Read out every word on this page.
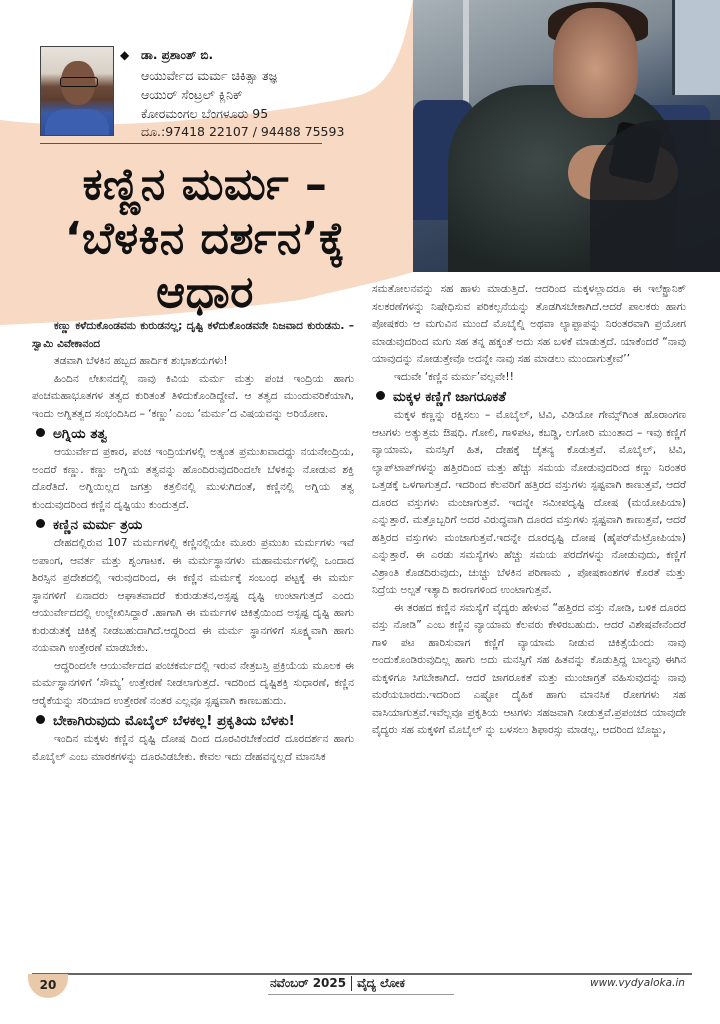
◆ ಡಾ. ಪ್ರಶಾಂತ್ ಬಿ.
ಆಯುರ್ವೇದ ಮರ್ಮ ಚಿಕಿತ್ಸಾ ತಜ್ಞ
ಆಯುರ್ ಸೆಂಟ್ರಲ್ ಕ್ಲಿನಿಕ್
ಕೋರಮಂಗಲ ಬೆಂಗಳೂರು 95
ದೂ.:97418 22107 / 94488 75593
ಕಣ್ಣಿನ ಮರ್ಮ –
‘ಬೆಳಕಿನ ದರ್ಶನ’ಕ್ಕೆ
ಆಧಾರ

ಕಣ್ಣು ಕಳೆದುಕೊಂಡವನು ಕುರುಡನಲ್ಲ; ದೃಷ್ಟಿ ಕಳೆದುಕೊಂಡವನೇ ನಿಜವಾದ ಕುರುಡನು. – ಸ್ವಾಮಿ ವಿವೇಕಾನಂದ

ತಡವಾಗಿ ಬೆಳಕಿನ ಹಬ್ಬದ ಹಾರ್ದಿಕ ಶುಭಾಶಯಗಳು!

ಹಿಂದಿನ ಲೇಖನದಲ್ಲಿ ನಾವು ಕಿವಿಯ ಮರ್ಮ ಮತ್ತು ಪಂಚ ಇಂದ್ರಿಯ ಹಾಗು ಪಂಚಮಹಾಭೂತಗಳ ತತ್ವದ ಕುರಿತಂತೆ ತಿಳಿದುಕೊಂಡಿದ್ದೇವೆ. ಆ ತತ್ವದ ಮುಂದುವರಿಕೆಯಾಗಿ, ಇಂದು ಅಗ್ನಿತತ್ವದ ಸಂಭಂದಿಸಿದ – ‘ಕಣ್ಣು’ ಎಂಬ ‘ಮರ್ಮ’ದ ವಿಷಯವನ್ನು ಅರಿಯೋಣ.

ಅಗ್ನಿಯ ತತ್ವ

ಆಯುರ್ವೇದ ಪ್ರಕಾರ, ಪಂಚ ಇಂದ್ರಿಯಗಳಲ್ಲಿ ಅತ್ಯಂತ ಪ್ರಮುಖವಾದದ್ದು ನಯನೇಂದ್ರಿಯ, ಅಂದರೆ ಕಣ್ಣು. ಕಣ್ಣು ಅಗ್ನಿಯ ತತ್ವವನ್ನು ಹೊಂದಿರುವುದರಿಂದಲೇ ಬೆಳಕನ್ನು ನೋಡುವ ಶಕ್ತಿ ದೊರೆತಿದೆ. ಅಗ್ನಿಯಿಲ್ಲದ ಜಗತ್ತು ಕತ್ತಲಿನಲ್ಲಿ ಮುಳುಗಿದಂತೆ, ಕಣ್ಣಿನಲ್ಲಿ ಅಗ್ನಿಯ ತತ್ವ ಕುಂದುವುದರಿಂದ ಕಣ್ಣಿನ ದೃಷ್ಟಿಯು ಕುಂದುತ್ತದೆ.

ಕಣ್ಣಿನ ಮರ್ಮ ತ್ರಯ

ದೇಹದಲ್ಲಿರುವ 107 ಮರ್ಮಗಳಲ್ಲಿ ಕಣ್ಣಿನಲ್ಲಿಯೇ ಮೂರು ಪ್ರಮುಖ ಮರ್ಮಗಳು ಇವೆ ಅಪಾಂಗ, ಆವರ್ತ ಮತ್ತು ಶೃಂಗಾಟಕ. ಈ ಮರ್ಮಸ್ಥಾನಗಳು ಮಹಾಮರ್ಮಗಳಲ್ಲಿ ಒಂದಾದ ಶಿರಸ್ಸಿನ ಪ್ರದೇಶದಲ್ಲಿ ಇರುವುದರಿಂದ, ಈ ಕಣ್ಣಿನ ಮರ್ಮಕ್ಕೆ ಸಂಬಂಧ ಪಟ್ಟಕ್ಕೆ ಈ ಮರ್ಮ ಸ್ಥಾನಗಳಿಗೆ ಏನಾದರು ಆಘಾತವಾದರೆ ಕುರುಡುತನ,ಅಸ್ಪಷ್ಟ ದೃಷ್ಟಿ ಉಂಟಾಗುತ್ತದೆ ಎಂದು ಆಯುರ್ವೇದದಲ್ಲಿ ಉಲ್ಲೇಖಿಸಿದ್ದಾರೆ .ಹಾಗಾಗಿ ಈ ಮರ್ಮಗಳ ಚಿಕಿತ್ಸೆಯಿಂದ ಅಸ್ಪಷ್ಟ ದೃಷ್ಟಿ ಹಾಗು ಕುರುಡುತಕ್ಕೆ ಚಿಕಿತ್ಸೆ ನೀಡಬಹುದಾಗಿದೆ.ಆದ್ದರಿಂದ ಈ ಮರ್ಮ ಸ್ಥಾನಗಳಿಗೆ ಸೂಕ್ಷ್ಮವಾಗಿ ಹಾಗು ನಯವಾಗಿ ಉತ್ತೇರಣೆ ಮಾಡಬೇಕು.

ಆದ್ದರಿಂದಲೇ ಆಯುರ್ವೇದದ ಪಂಚಕರ್ಮದಲ್ಲಿ ಇರುವ ನೇತ್ರಬಸ್ತಿ ಪ್ರಕ್ರಿಯೆಯ ಮೂಲಕ ಈ ಮರ್ಮಸ್ಥಾನಗಳಿಗೆ ‘ಸೌಮ್ಯ’ ಉತ್ತೇರಣೆ ನೀಡಲಾಗುತ್ತದೆ. ಇದರಿಂದ ದೃಷ್ಟಿಶಕ್ತಿ ಸುಧಾರಣೆ, ಕಣ್ಣಿನ ಆರೈಕೆಯನ್ನು ಸರಿಯಾದ ಉತ್ತೇರಣೆ ನಂತರ ಎಲ್ಲವೂ ಸ್ಪಷ್ಟವಾಗಿ ಕಾಣಬಹುದು.

ಬೇಕಾಗಿರುವುದು ಮೊಬೈಲ್ ಬೆಳಕಲ್ಲ! ಪ್ರಕೃತಿಯ ಬೆಳಕು!

ಇಂದಿನ ಮಕ್ಕಳು ಕಣ್ಣಿನ ದೃಷ್ಟಿ ದೋಷ ದಿಂದ ದೂರವಿರಬೇಕೆಂದರೆ ದೂರದರ್ಶನ ಹಾಗು ಮೊಬೈಲ್ ಎಂಬ ಮಾರಕಗಳನ್ನು ದೂರವಿಡಬೇಕು. ಕೇವಲ ಇದು ದೇಹವನ್ನಲ್ಲದೆ ಮಾನಸಿಕ

ಸಮತೋಲನವನ್ನು ಸಹ ಹಾಳು ಮಾಡುತ್ತಿದೆ. ಆದರಿಂದ ಮಕ್ಕಳಲ್ಲಾದರೂ ಈ ಇಲೆಕ್ಟ್ರಾನಿಕ್ ಸಲಕರಣೆಗಳನ್ನು ನಿಷೇಧಿಸುವ ಪರಿಕಲ್ಪನೆಯನ್ನು ತೊಡಗಿಸಬೇಕಾಗಿದೆ.ಆದರೆ ಪಾಲಕರು ಹಾಗು ಪೋಷಕರು ಆ ಮಗುವಿನ ಮುಂದೆ ಮೊಬೈಲ್ನಿ ಅಥವಾ ಲ್ಯಾಪ್ಟಾಪನ್ನು ನಿರಂತರವಾಗಿ ಪ್ರಯೋಗ ಮಾಡುವುದರಿಂದ ಮಗು ಸಹ ತನ್ನ ಹಕ್ಕಂತೆ ಅದು ಸಹ ಬಳಕೆ ಮಾಡುತ್ತದೆ. ಯಾಕೆಂದರೆ “ನಾವು ಯಾವುದನ್ನು ನೋಡುತ್ತೇವೊ ಅದನ್ನೇ ನಾವು ಸಹ ಮಾಡಲು ಮುಂದಾಗುತ್ತೇವೆ’’

ಇದುವೇ ‘ಕಣ್ಣಿನ ಮರ್ಮ’ವಲ್ಲವೇ!!

ಮಕ್ಕಳ ಕಣ್ಣಿಗೆ ಜಾಗರೂಕತೆ

ಮಕ್ಕಳ ಕಣ್ಣನ್ನು ರಕ್ಷಿಸಲು – ಮೊಬೈಲ್, ಟಿವಿ, ವಿಡಿಯೋ ಗೇಮ್ಸ್‌ಗಿಂತ ಹೊರಾಂಗಣ ಆಟಗಳು ಅತ್ಯುತ್ತಮ ಔಷಧಿ. ಗೋಲಿ, ಗಾಳಿಪಟ, ಕಬಡ್ಡಿ, ಲಗೋರಿ ಮುಂತಾದ – ಇವು ಕಣ್ಣಿಗೆ ವ್ಯಾಯಾಮ, ಮನಸ್ಸಿಗೆ ಹಿತ, ದೇಹಕ್ಕೆ ಚೈತನ್ಯ ಕೊಡುತ್ತವೆ. ಮೊಬೈಲ್, ಟಿವಿ, ಲ್ಯಾಪ್‌ಟಾಪ್‌ಗಳನ್ನು ಹತ್ತಿರದಿಂದ ಮತ್ತು ಹೆಚ್ಚು ಸಮಯ ನೋಡುವುದರಿಂದ ಕಣ್ಣು ನಿರಂತರ ಒತ್ತಡಕ್ಕೆ ಒಳಗಾಗುತ್ತದೆ. ಇದರಿಂದ ಕೆಲವರಿಗೆ ಹತ್ತಿರದ ವಸ್ತುಗಳು ಸ್ಪಷ್ಟವಾಗಿ ಕಾಣುತ್ತವೆ, ಆದರೆ ದೂರದ ವಸ್ತುಗಳು ಮಂಜಾಗುತ್ತವೆ. ಇದನ್ನೇ ಸಮೀಪದೃಷ್ಟಿ ದೋಷ (ಮಯೋಪಿಯಾ) ಎನ್ನುತ್ತಾರೆ. ಮತ್ತೊಬ್ಬರಿಗೆ ಅದರ ವಿರುದ್ಧವಾಗಿ ದೂರದ ವಸ್ತುಗಳು ಸ್ಪಷ್ಟವಾಗಿ ಕಾಣುತ್ತವೆ, ಆದರೆ ಹತ್ತಿರದ ವಸ್ತುಗಳು ಮಂಜಾಗುತ್ತವೆ.ಇದನ್ನೇ ದೂರದೃಷ್ಟಿ ದೋಷ (ಹೈಪರ್‌ಮೆಟ್ರೋಪಿಯಾ) ಎನ್ನುತ್ತಾರೆ. ಈ ಎರಡು ಸಮಸ್ಯೆಗಳು ಹೆಚ್ಚು ಸಮಯ ಪರದೆಗಳನ್ನು ನೋಡುವುದು, ಕಣ್ಣಿಗೆ ವಿಶ್ರಾಂತಿ ಕೊಡದಿರುವುದು, ಚುಚ್ಚು ಬೆಳಕಿನ ಪರಿಣಾಮ , ಪೋಷಕಾಂಶಗಳ ಕೊರತೆ ಮತ್ತು ನಿದ್ರೆಯ ಅಲ್ಪತೆ ಇತ್ಯಾದಿ ಕಾರಣಗಳಿಂದ ಉಂಟಾಗುತ್ತವೆ.

ಈ ತರಹದ ಕಣ್ಣಿನ ಸಮಸ್ಯೆಗೆ ವೈದ್ಯರು ಹೇಳುವ “ಹತ್ತಿರದ ವಸ್ತು ನೋಡಿ, ಬಳಿಕ ದೂರದ ವಸ್ತು ನೋಡಿ” ಎಂಬ ಕಣ್ಣಿನ ವ್ಯಾಯಾಮ ಕೆಲವರು ಕೇಳಿರಬಹುದು. ಆದರೆ ವಿಶೇಷವೇನೆಂದರೆ ಗಾಳಿ ಪಟ ಹಾರಿಸುವಾಗ ಕಣ್ಣಿಗೆ ವ್ಯಾಯಾಮ ನೀಡುವ ಚಿಕಿತ್ಸೆಯೆಂದು ನಾವು ಅಂದುಕೊಂಡಿರುವುದಿಲ್ಲ ಹಾಗು ಅದು ಮನಸ್ಸಿಗೆ ಸಹ ಹಿತವನ್ನು ಕೊಡುತ್ತಿದ್ದ ಬಾಲ್ಯವು ಈಗಿನ ಮಕ್ಕಳಿಗೂ ಸಿಗಬೇಕಾಗಿದೆ. ಆದರೆ ಜಾಗರೂಕತೆ ಮತ್ತು ಮುಂಜಾಗ್ರತೆ ವಹಿಸುವುದನ್ನು ನಾವು ಮರೆಯಬಾರದು.ಇದರಿಂದ ಎಷ್ಟೋ ದೈಹಿಕ ಹಾಗು ಮಾನಸಿಕ ರೋಗಗಳು ಸಹ ವಾಸಿಯಾಗುತ್ತವೆ.ಇವೆಲ್ಲವೂ ಪ್ರಕೃತಿಯ ಆಟಗಳು ಸಹಜವಾಗಿ ನೀಡುತ್ತವೆ.ಪ್ರಪಂಚದ ಯಾವುದೇ ವೈದ್ಯರು ಸಹ ಮಕ್ಕಳಿಗೆ ಮೊಬೈಲ್ ನ್ನು ಬಳಸಲು ಶಿಫಾರಸ್ಸು ಮಾಡಲ್ಲ. ಆದರಿಂದ ಬೊಜ್ಜು,

20	ನವೆಂಬರ್ 2025 ವೈದ್ಯ ಲೋಕ	www.vydyaloka.in
